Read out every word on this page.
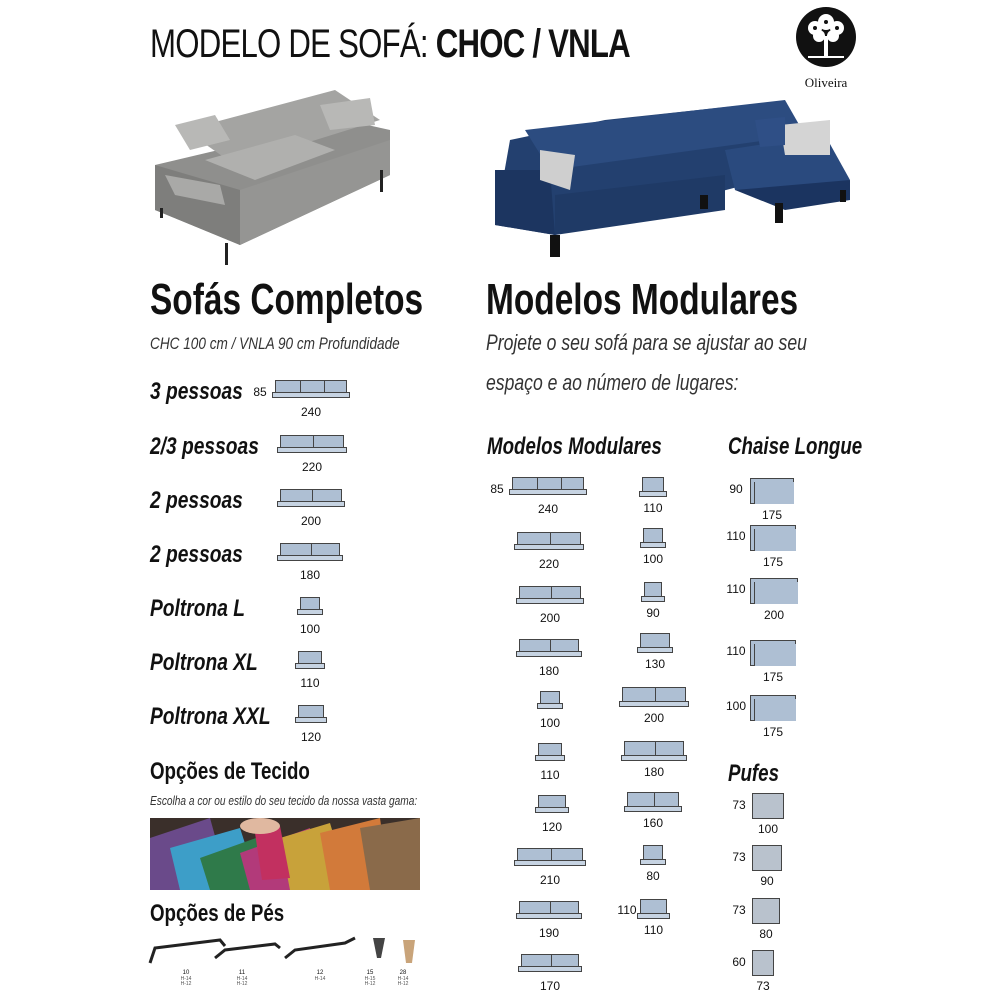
MODELO DE SOFÁ: CHOC / VNLA
Oliveira
Sofás Completos
CHC 100 cm / VNLA 90 cm Profundidade
Opções de Tecido
Escolha a cor ou estilo do seu tecido da nossa vasta gama:
Opções de Pés
Modelos Modulares
Projete o seu sofá para se ajustar ao seu
espaço e ao número de lugares:
Modelos Modulares	Chaise Longue
Pufes
3 pessoas
240
2/3 pessoas
220
2 pessoas
200
2 pessoas
180
Poltrona L
100
Poltrona XL
110
Poltrona XXL
120
85
10
H-14
H-12
11
H-14
H-12
12
H-14
15
H-15
H-12
28
H-14
H-12
240
220
200
180
100
110
120
210
190
170
85
110
100
90
130
200
180
160
80
110
110
90
175
110
175
110
200
110
175
100
175
73
100
73
90
73
80
60
73
